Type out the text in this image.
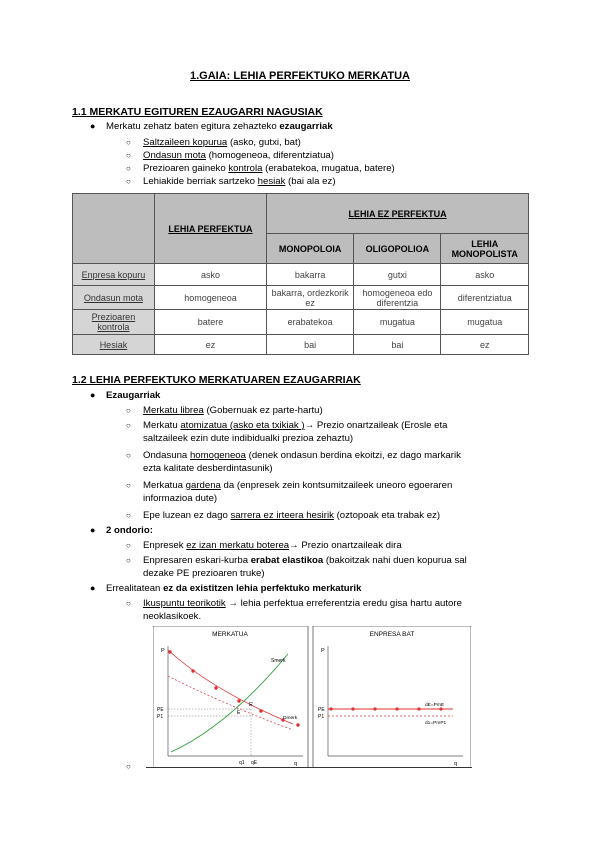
1.GAIA: LEHIA PERFEKTUKO MERKATUA
1.1 MERKATU EGITUREN EZAUGARRI NAGUSIAK
● Merkatu zehatz baten egitura zehazteko ezaugarriak
○ Saltzaileen kopurua (asko, gutxi, bat)
○ Ondasun mota (homogeneoa, diferentziatua)
○ Prezioaren gaineko kontrola (erabatekoa, mugatua, batere)
○ Lehiakide berriak sartzeko hesiak (bai ala ez)
	LEHIA PERFEKTUA	LEHIA EZ PERFEKTUA		
		MONOPOLOIA	OLIGOPOLIOA	LEHIA MONOPOLISTA
Enpresa kopuru	asko	bakarra	gutxi	asko
Ondasun mota	homogeneoa	bakarra, ordezkorik ez	homogeneoa edo diferentzia	diferentziatua
Prezioaren kontrola	batere	erabatekoa	mugatua	mugatua
Hesiak	ez	bai	bai	ez
1.2 LEHIA PERFEKTUKO MERKATUAREN EZAUGARRIAK
● Ezaugarriak
○ Merkatu librea (Gobernuak ez parte-hartu)
○ Merkatu atomizatua (asko eta txikiak )→ Prezio onartzaileak (Erosle eta
saltzaileek ezin dute indibidualki prezioa zehaztu)
○ Ondasuna homogeneoa (denek ondasun berdina ekoitzi, ez dago markarik
ezta kalitate desberdintasunik)
○ Merkatua gardena da (enpresek zein kontsumitzaileek uneoro egoeraren
informazioa dute)
○ Epe luzean ez dago sarrera ez irteera hesirik (oztopoak eta trabak ez)
● 2 ondorio:
○ Enpresek ez izan merkatu boterea→ Prezio onartzaileak dira
○ Enpresaren eskari-kurba erabat elastikoa (bakoitzak nahi duen kopurua sal
dezake PE prezioaren truke)
● Errealitatean ez da existitzen lehia perfektuko merkaturik
○ Ikuspuntu teorikotik → lehia perfektua erreferentzia eredu gisa hartu autore
neoklasikoek.
MERKATUA
P
q
Smerk
Dmerk
PE
P1
E
E'
q1 qE
ENPRESA BAT
P
q
PE
P1
dE=PmE
d1=PmP1
○
